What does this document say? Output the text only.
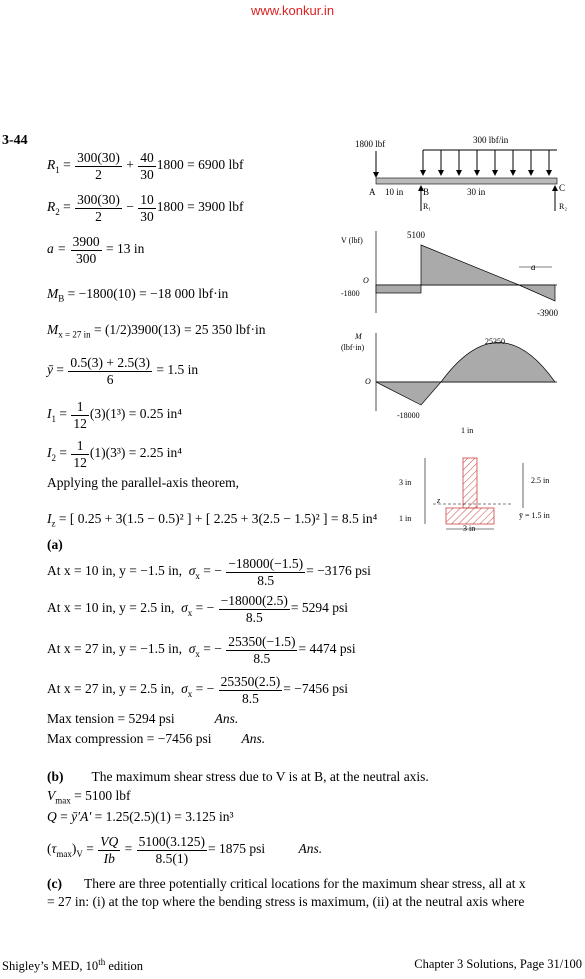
www.konkur.in
3-44
$R_1 = \frac{300(30)}{2} + \frac{40}{30} 1800 = 6900$ lbf
$R_2 = \frac{300(30)}{2} - \frac{10}{30} 1800 = 3900$ lbf
$a = \frac{3900}{300} = 13$ in
$M_B = -1800(10) = -18$ 000 lbf·in
$M_{x = 27 in} = (1/2)3900(13) = 25$ 350 lbf·in
ȳ = $\frac{0.5(3) + 2.5(3)}{6} = 1.5$ in
$I_1 = \frac{1}{12} (3)(1^3) = 0.25$ in⁴
$I_2 = \frac{1}{12} (1)(3^3) = 2.25$ in⁴
Applying the parallel-axis theorem,
$I_z$ = [ 0.25 + 3(1.5 − 0.5)² ] + [ 2.25 + 3(2.5 − 1.5)² ] = 8.5 in⁴
(a)
At x = 10 in, y = −1.5 in, $\sigma_x$ = − $\frac{-18000(-1.5)}{8.5} = -3176$ psi
At x = 10 in, y = 2.5 in, $\sigma_x$ = − $\frac{-18000(2.5)}{8.5} = 5294$ psi
At x = 27 in, y = −1.5 in, $\sigma_x$ = − $\frac{25350(-1.5)}{8.5} = 4474$ psi
At x = 27 in, y = 2.5 in, $\sigma_x$ = − $\frac{25350(2.5)}{8.5} = -7456$ psi
Max tension = 5294 psi	Ans.
Max compression = −7456 psi Ans.
(b) The maximum shear stress due to V is at B, at the neutral axis.
$V_{max} = 5100$ lbf
Q = ȳ′A′ = 1.25(2.5)(1) = 3.125 in³
$(\tau_{max})_V = \frac{VQ}{Ib} = \frac{5100(3.125)}{8.5(1)} = 1875$ psi Ans.
(c) There are three potentially critical locations for the maximum shear stress, all at x
= 27 in: (i) at the top where the bending stress is maximum, (ii) at the neutral axis where
1800 lbf	300 lbf/in
A 10 in B	30 in	C
R₁	R₂
V (lbf)
O
-1800
5100
-3900
a
M
(lbf·in)
O
25350
-18000
1 in
3 in	2.5 in
1 in
z
ȳ = 1.5 in
3 in
Shigley’s MED, 10th edition	Chapter 3 Solutions, Page 31/100
